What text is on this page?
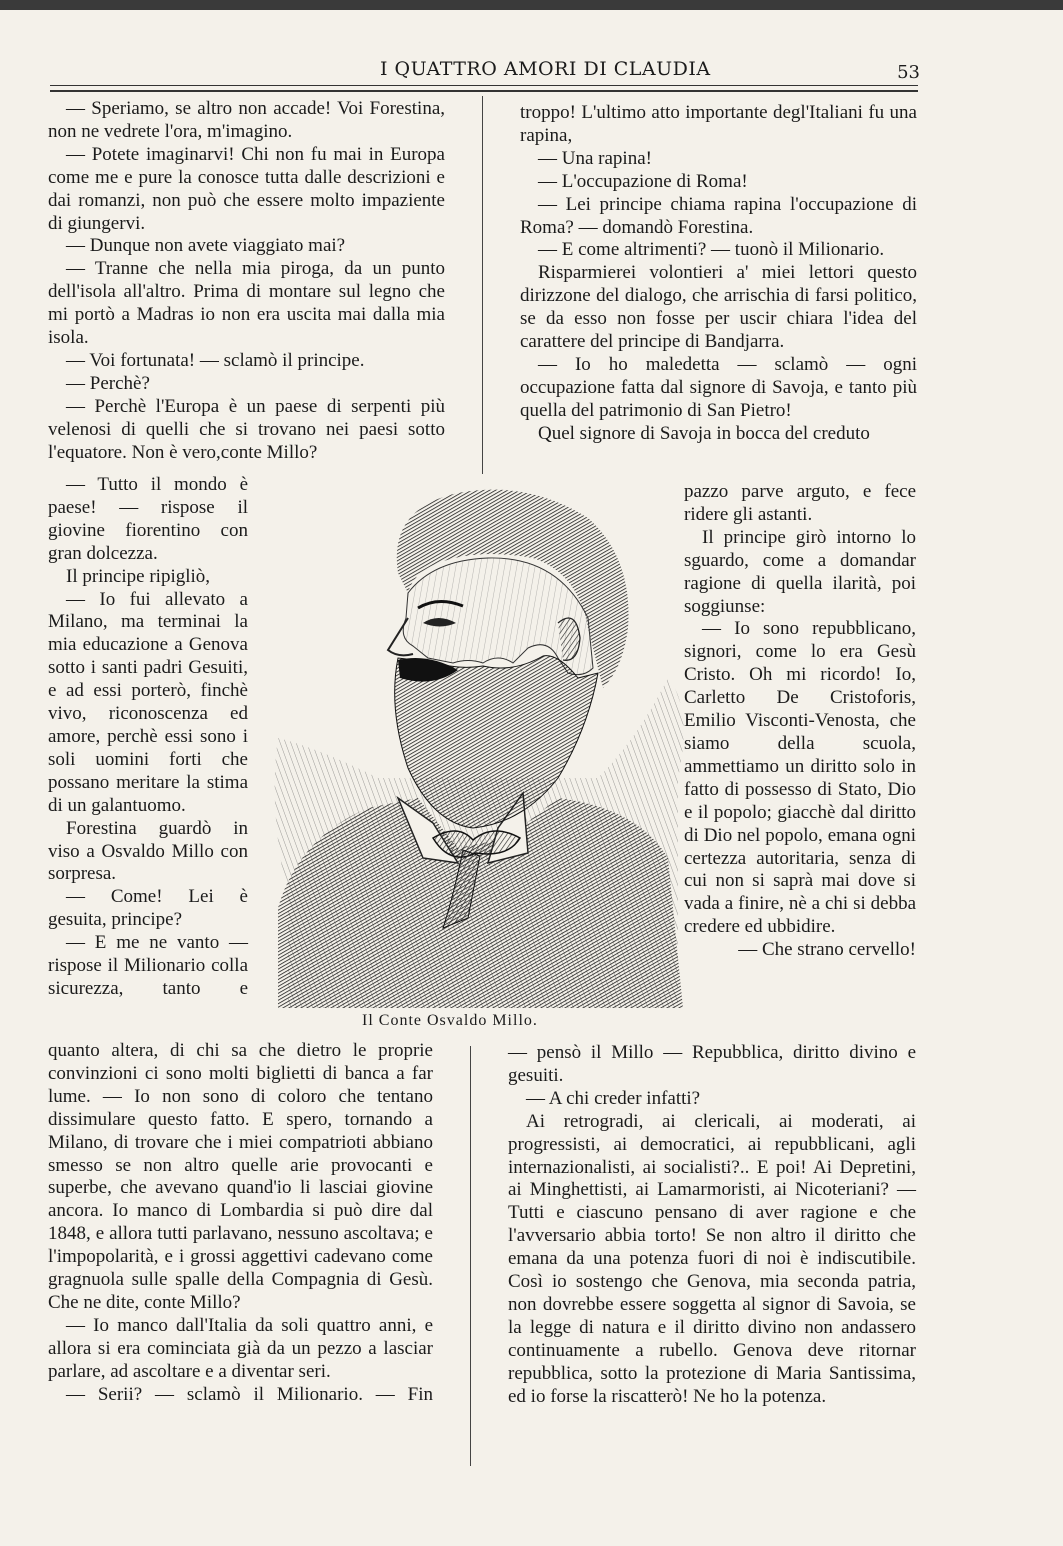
I QUATTRO AMORI DI CLAUDIA	53

— Speriamo, se altro non accade! Voi Forestina, non ne vedrete l'ora, m'imagino.

— Potete imaginarvi! Chi non fu mai in Europa come me e pure la conosce tutta dalle descrizioni e dai romanzi, non può che essere molto impaziente di giungervi.

— Dunque non avete viaggiato mai?

— Tranne che nella mia piroga, da un punto dell'isola all'altro. Prima di montare sul legno che mi portò a Madras io non era uscita mai dalla mia isola.

— Voi fortunata! — sclamò il principe.

— Perchè?

— Perchè l'Europa è un paese di serpenti più velenosi di quelli che si trovano nei paesi sotto l'equatore. Non è vero,conte Millo?

— Tutto il mondo è paese! — rispose il giovine fiorentino con gran dolcezza.

Il principe ripigliò,

— Io fui allevato a Milano, ma terminai la mia educazione a Genova sotto i santi padri Gesuiti, e ad essi porterò, finchè vivo, riconoscenza ed amore, perchè essi sono i soli uomini forti che possano meritare la stima di un galantuomo.

Forestina guardò in viso a Osvaldo Millo con sorpresa.

— Come! Lei è gesuita, principe?

— E me ne vanto — rispose il Milionario colla sicurezza, tanto e

troppo! L'ultimo atto importante degl'Italiani fu una rapina,

— Una rapina!

— L'occupazione di Roma!

— Lei principe chiama rapina l'occupazione di Roma? — domandò Forestina.

— E come altrimenti? — tuonò il Milionario.

Risparmierei volontieri a' miei lettori questo dirizzone del dialogo, che arrischia di farsi politico, se da esso non fosse per uscir chiara l'idea del carattere del principe di Bandjarra.

— Io ho maledetta — sclamò — ogni occupazione fatta dal signore di Savoja, e tanto più quella del patrimonio di San Pietro!

Quel signore di Savoja in bocca del creduto

pazzo parve arguto, e fece ridere gli astanti.

Il principe girò intorno lo sguardo, come a domandar ragione di quella ilarità, poi soggiunse:

— Io sono repubblicano, signori, come lo era Gesù Cristo. Oh mi ricordo! Io, Carletto De Cristoforis, Emilio Visconti-Venosta, che siamo della scuola, ammettiamo un diritto solo in fatto di possesso di Stato, Dio e il popolo; giacchè dal diritto di Dio nel popolo, emana ogni certezza autoritaria, senza di cui non si saprà mai dove si vada a finire, nè a chi si debba credere ed ubbidire.

— Che strano cervello!

Il Conte Osvaldo Millo.

quanto altera, di chi sa che dietro le proprie convinzioni ci sono molti biglietti di banca a far lume. — Io non sono di coloro che tentano dissimulare questo fatto. E spero, tornando a Milano, di trovare che i miei compatrioti abbiano smesso se non altro quelle arie provocanti e superbe, che avevano quand'io li lasciai giovine ancora. Io manco di Lombardia si può dire dal 1848, e allora tutti parlavano, nessuno ascoltava; e l'impopolarità, e i grossi aggettivi cadevano come gragnuola sulle spalle della Compagnia di Gesù. Che ne dite, conte Millo?

— Io manco dall'Italia da soli quattro anni, e allora si era cominciata già da un pezzo a lasciar parlare, ad ascoltare e a diventar seri.

— Serii? — sclamò il Milionario. — Fin

— pensò il Millo — Repubblica, diritto divino e gesuiti.

— A chi creder infatti?

Ai retrogradi, ai clericali, ai moderati, ai progressisti, ai democratici, ai repubblicani, agli internazionalisti, ai socialisti?.. E poi! Ai Depretini, ai Minghettisti, ai Lamarmoristi, ai Nicoteriani? — Tutti e ciascuno pensano di aver ragione e che l'avversario abbia torto! Se non altro il diritto che emana da una potenza fuori di noi è indiscutibile. Così io sostengo che Genova, mia seconda patria, non dovrebbe essere soggetta al signor di Savoia, se la legge di natura e il diritto divino non andassero continuamente a rubello. Genova deve ritornar repubblica, sotto la protezione di Maria Santissima, ed io forse la riscatterò! Ne ho la potenza.
